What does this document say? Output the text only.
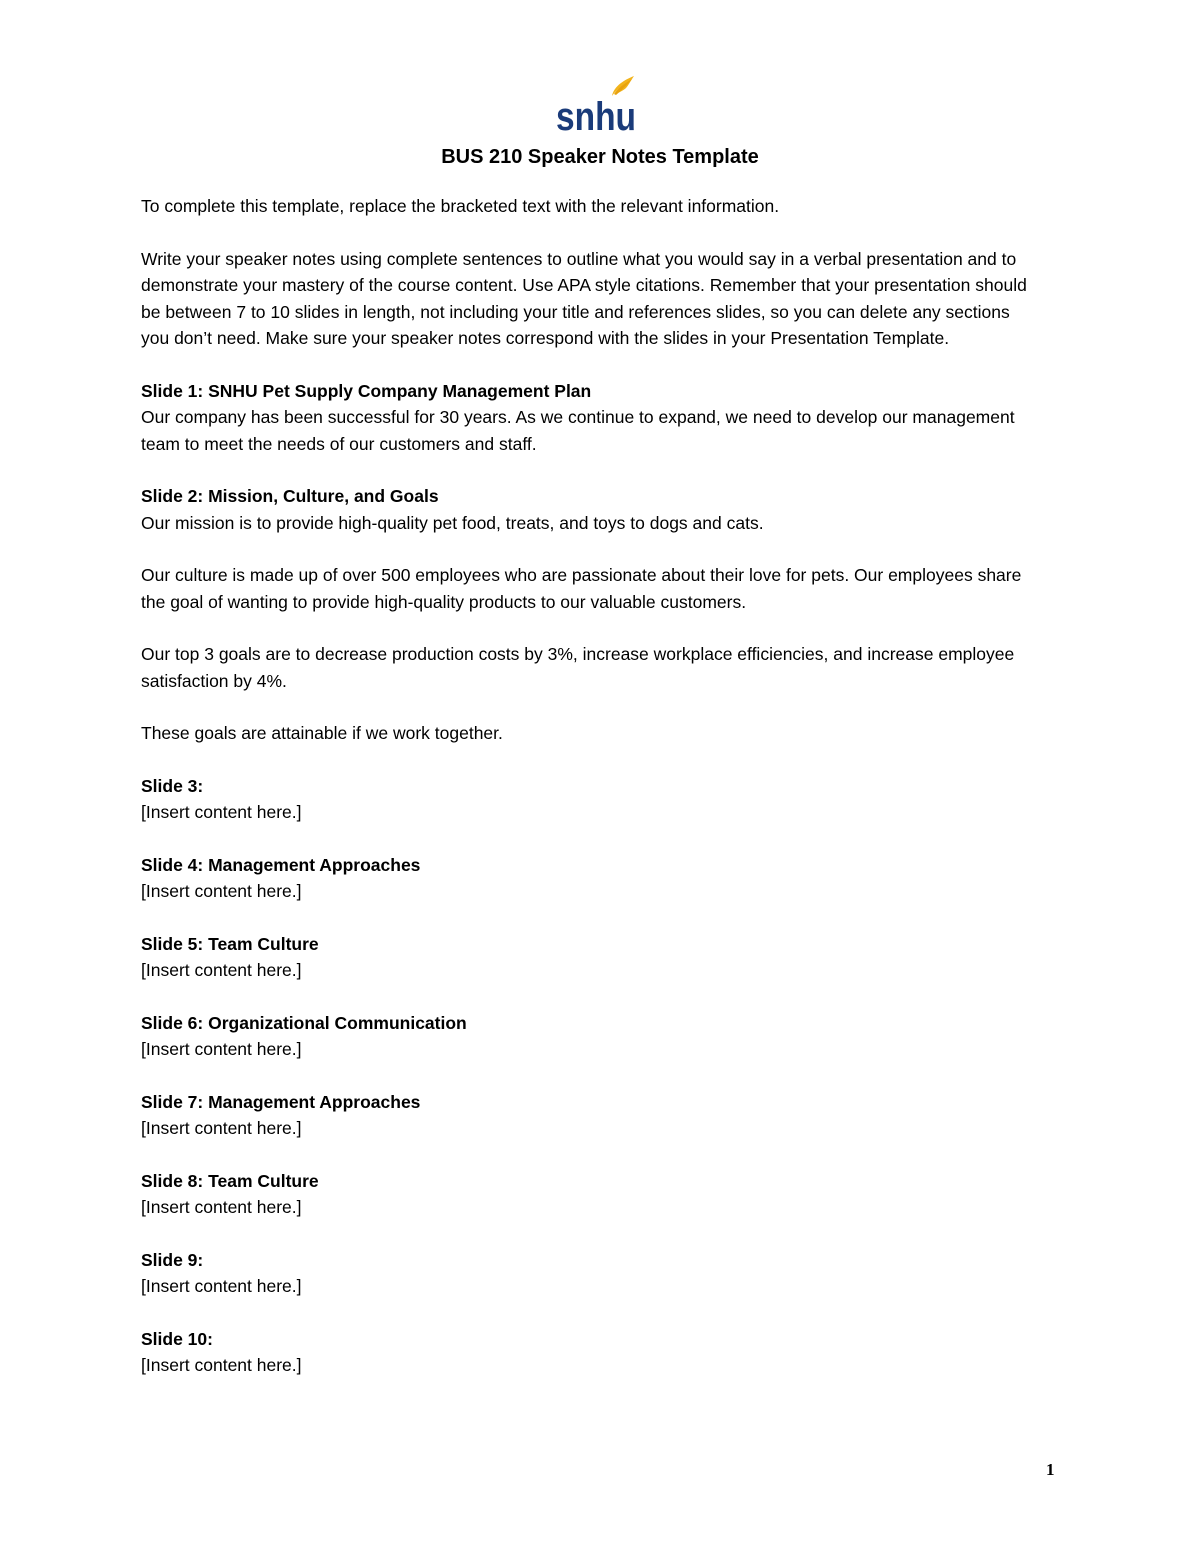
snhu
BUS 210 Speaker Notes Template

To complete this template, replace the bracketed text with the relevant information.

Write your speaker notes using complete sentences to outline what you would say in a verbal presentation and to demonstrate your mastery of the course content. Use APA style citations. Remember that your presentation should be between 7 to 10 slides in length, not including your title and references slides, so you can delete any sections you don’t need. Make sure your speaker notes correspond with the slides in your Presentation Template.

Slide 1: SNHU Pet Supply Company Management Plan
Our company has been successful for 30 years. As we continue to expand, we need to develop our management team to meet the needs of our customers and staff.
Slide 2: Mission, Culture, and Goals
Our mission is to provide high-quality pet food, treats, and toys to dogs and cats.
Our culture is made up of over 500 employees who are passionate about their love for pets. Our employees share the goal of wanting to provide high-quality products to our valuable customers.
Our top 3 goals are to decrease production costs by 3%, increase workplace efficiencies, and increase employee satisfaction by 4%.
These goals are attainable if we work together.
Slide 3:
[Insert content here.]
Slide 4: Management Approaches
[Insert content here.]
Slide 5: Team Culture
[Insert content here.]
Slide 6: Organizational Communication
[Insert content here.]
Slide 7: Management Approaches
[Insert content here.]
Slide 8: Team Culture
[Insert content here.]
Slide 9:
[Insert content here.]
Slide 10:
[Insert content here.]
1
